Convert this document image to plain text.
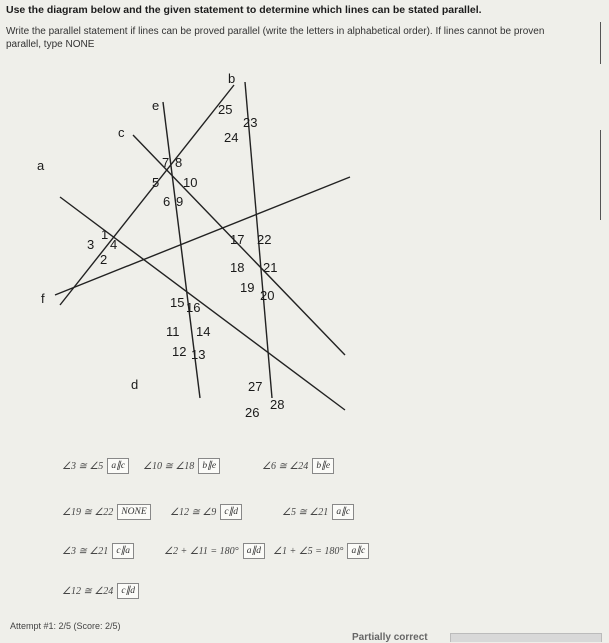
Use the diagram below and the given statement to determine which lines can be stated parallel.
Write the parallel statement if lines can be proved parallel (write the letters in alphabetical order). If lines cannot be proven parallel, type NONE
b
e
c
a
f
d
25
23
24
7 8
5 10
6 9
1
3 4
2
17 22
18 21
19
20
15 16
11 14
12 13
27
28
26
∠3 ≅ ∠5 a∥c	∠10 ≅ ∠18 b∥e	∠6 ≅ ∠24 b∥e
∠19 ≅ ∠22 NONE	∠12 ≅ ∠9 c∥d	∠5 ≅ ∠21 a∥c
∠3 ≅ ∠21 c∥a	∠2 + ∠11 = 180° a∥d	∠1 + ∠5 = 180° a∥c
∠12 ≅ ∠24 c∥d
Attempt #1: 2/5 (Score: 2/5)
Partially correct
